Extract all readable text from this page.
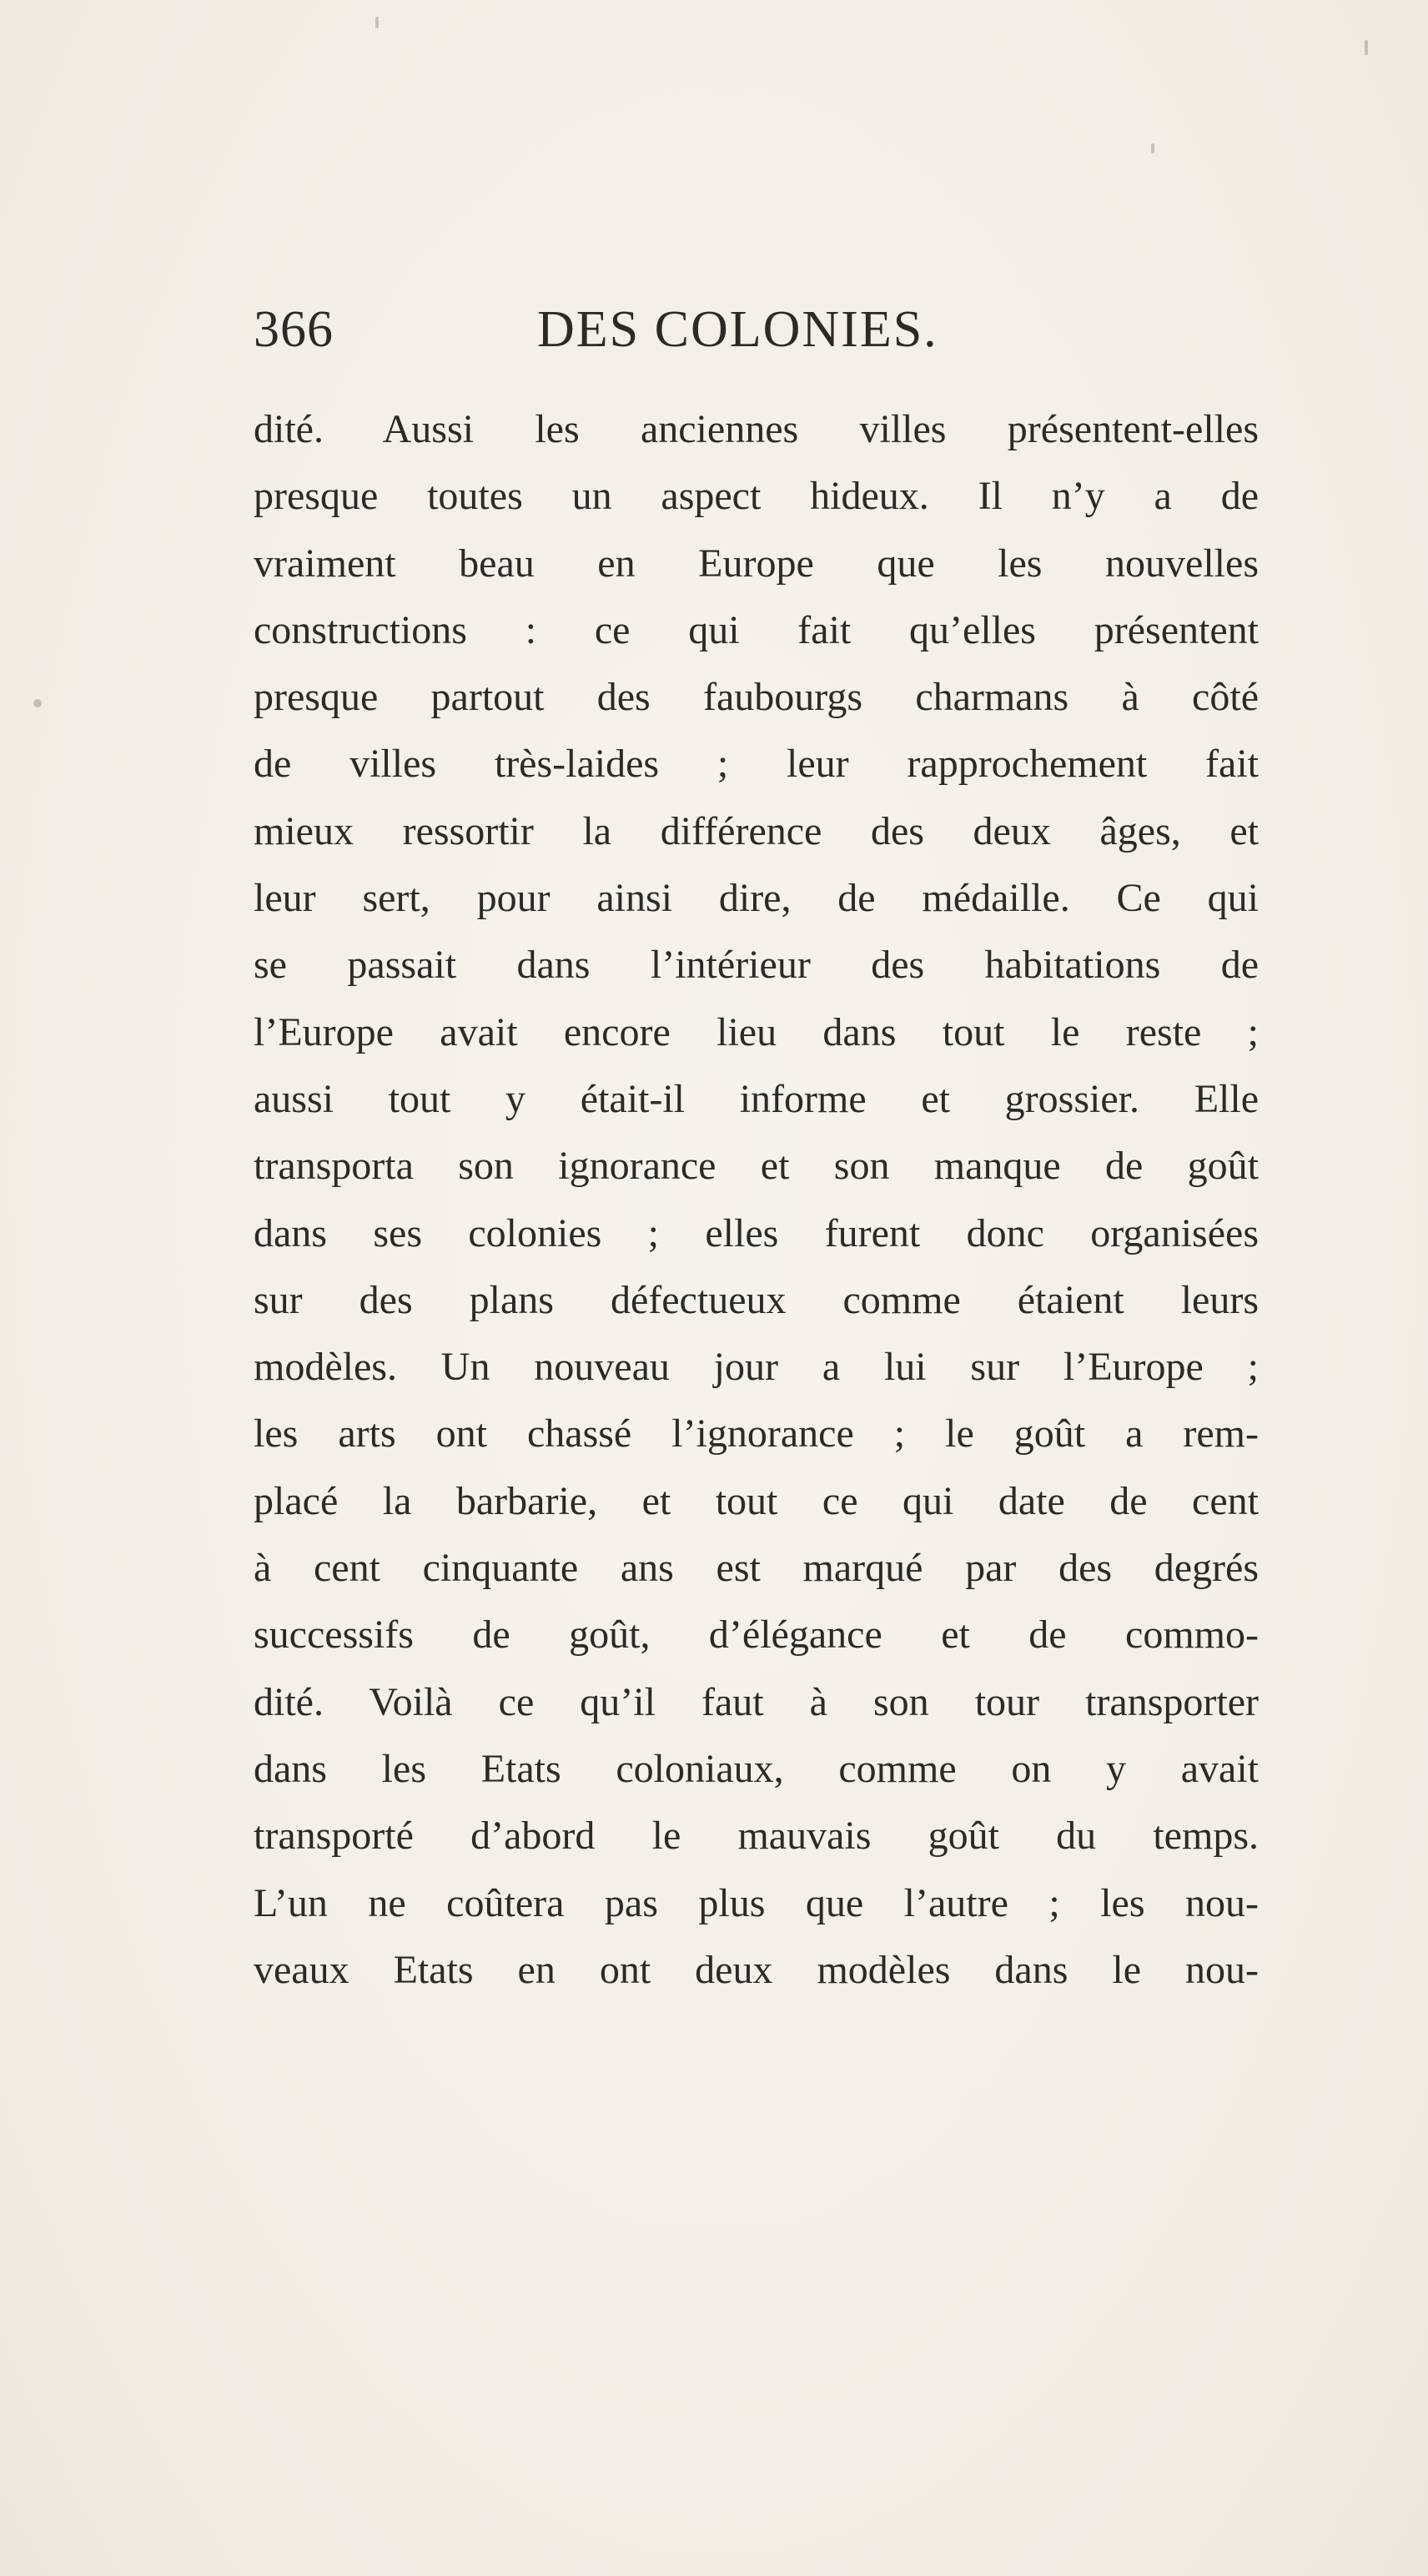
366	DES COLONIES.
dité. Aussi les anciennes villes présentent-elles
presque toutes un aspect hideux. Il n’y a de
vraiment beau en Europe que les nouvelles
constructions : ce qui fait qu’elles présentent
presque partout des faubourgs charmans à côté
de villes très-laides ; leur rapprochement fait
mieux ressortir la différence des deux âges, et
leur sert, pour ainsi dire, de médaille. Ce qui
se passait dans l’intérieur des habitations de
l’Europe avait encore lieu dans tout le reste ;
aussi tout y était-il informe et grossier. Elle
transporta son ignorance et son manque de goût
dans ses colonies ; elles furent donc organisées
sur des plans défectueux comme étaient leurs
modèles. Un nouveau jour a lui sur l’Europe ;
les arts ont chassé l’ignorance ; le goût a rem-
placé la barbarie, et tout ce qui date de cent
à cent cinquante ans est marqué par des degrés
successifs de goût, d’élégance et de commo-
dité. Voilà ce qu’il faut à son tour transporter
dans les Etats coloniaux, comme on y avait
transporté d’abord le mauvais goût du temps.
L’un ne coûtera pas plus que l’autre ; les nou-
veaux Etats en ont deux modèles dans le nou-
